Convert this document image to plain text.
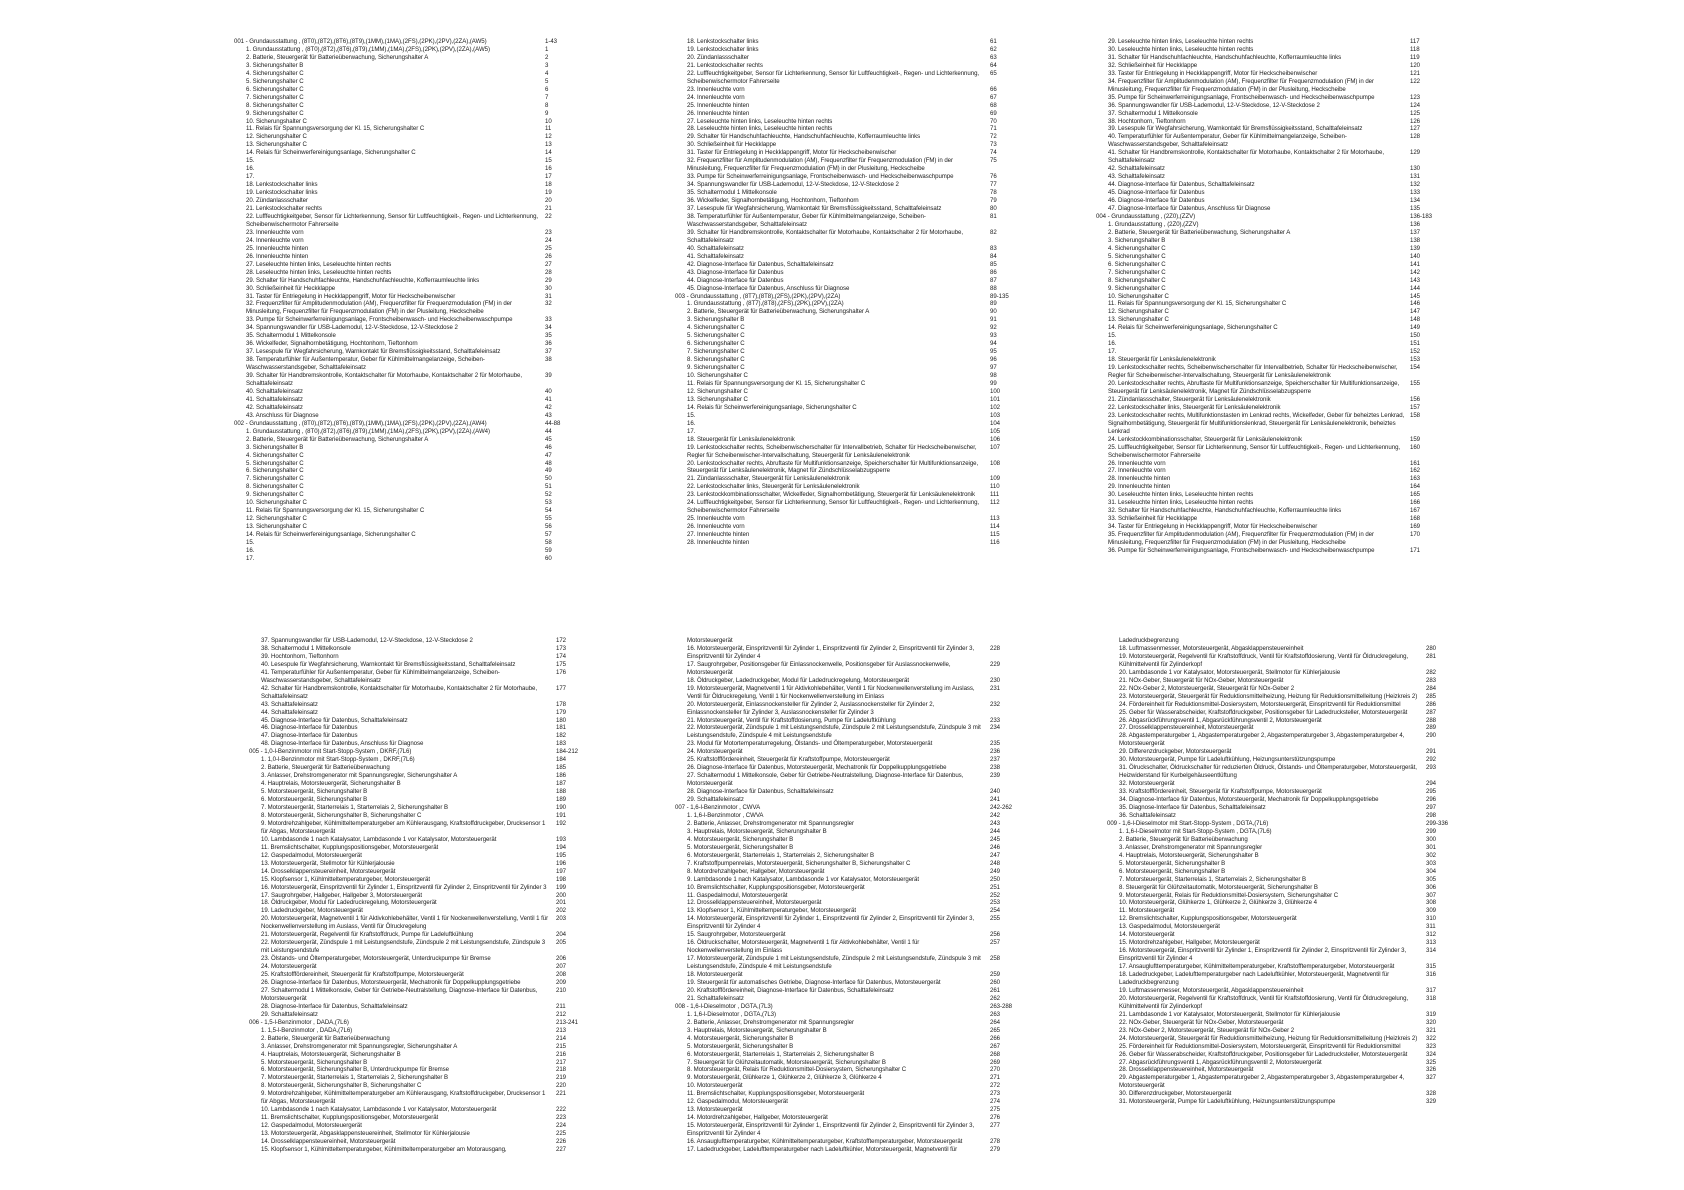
001 - Grundausstattung , (8T0),(8T2),(8T6),(8T9),(1MM),(1MA),(2FS),(2PK),(2PV),(2ZA),(AW5)	1-43
1. Grundausstattung , (8T0),(8T2),(8T6),(8T9),(1MM),(1MA),(2FS),(2PK),(2PV),(2ZA),(AW5)	1
2. Batterie, Steuergerät für Batterieüberwachung, Sicherungshalter A	2
3. Sicherungshalter B	3
4. Sicherungshalter C	4
5. Sicherungshalter C	5
6. Sicherungshalter C	6
7. Sicherungshalter C	7
8. Sicherungshalter C	8
9. Sicherungshalter C	9
10. Sicherungshalter C	10
11. Relais für Spannungsversorgung der Kl. 15, Sicherungshalter C	11
12. Sicherungshalter C	12
13. Sicherungshalter C	13
14. Relais für Scheinwerfereinigungsanlage, Sicherungshalter C	14
15.	15
16.	16
17.	17
18. Lenkstockschalter links	18
19. Lenkstockschalter links	19
20. Zündanlassschalter	20
21. Lenkstockschalter rechts	21
22. Lufffeuchtigkeitgeber, Sensor für Lichterkennung, Sensor für Luftfeuchtigkeit-, Regen- und Lichterkennung, Scheibenwischermotor Fahrerseite
22
23. Innenleuchte vorn	23
24. Innenleuchte vorn	24
25. Innenleuchte hinten	25
26. Innenleuchte hinten	26
27. Leseleuchte hinten links, Leseleuchte hinten rechts	27
28. Leseleuchte hinten links, Leseleuchte hinten rechts	28
29. Schalter für Handschuhfachleuchte, Handschuhfachleuchte, Kofferraumleuchte links	29
30. Schließeinheit für Heckklappe	30
31. Taster für Entriegelung in Heckklappengriff, Motor für Heckscheibenwischer	31
32. Frequenzfilter für Amplitudenmodulation (AM), Frequenzfilter für Frequenzmodulation (FM) in der Minusleitung, Frequenzfilter für Frequenzmodulation (FM) in der Plusleitung, Heckscheibe
32
33. Pumpe für Scheinwerferreinigungsanlage, Frontscheibenwasch- und Heckscheibenwaschpumpe	33
34. Spannungswandler für USB-Lademodul, 12-V-Steckdose, 12-V-Steckdose 2	34
35. Schaltermodul 1 Mittelkonsole	35
36. Wickelfeder, Signalhornbetätigung, Hochtonhorn, Tieftonhorn	36
37. Lesespule für Wegfahrsicherung, Warnkontakt für Bremsflüssigkeitsstand, Schalttafeleinsatz	37
38. Temperaturfühler für Außentemperatur, Geber für Kühlmittelmangelanzeige, Scheiben-Waschwasserstandsgeber, Schalttafeleinsatz
38
39. Schalter für Handbremskontrolle, Kontaktschalter für Motorhaube, Kontaktschalter 2 für Motorhaube, Schalttafeleinsatz
39
40. Schalttafeleinsatz	40
41. Schalttafeleinsatz	41
42. Schalttafeleinsatz	42
43. Anschluss für Diagnose	43
002 - Grundausstattung , (8T0),(8T2),(8T6),(8T9),(1MM),(1MA),(2FS),(2PK),(2PV),(2ZA),(AW4)	44-88
1. Grundausstattung , (8T0),(8T2),(8T6),(8T9),(1MM),(1MA),(2FS),(2PK),(2PV),(2ZA),(AW4)	44
2. Batterie, Steuergerät für Batterieüberwachung, Sicherungshalter A	45
3. Sicherungshalter B	46
4. Sicherungshalter C	47
5. Sicherungshalter C	48
6. Sicherungshalter C	49
7. Sicherungshalter C	50
8. Sicherungshalter C	51
9. Sicherungshalter C	52
10. Sicherungshalter C	53
11. Relais für Spannungsversorgung der Kl. 15, Sicherungshalter C	54
12. Sicherungshalter C	55
13. Sicherungshalter C	56
14. Relais für Scheinwerfereinigungsanlage, Sicherungshalter C	57
15.	58
16.	59
17.	60
18. Lenkstockschalter links	61
19. Lenkstockschalter links	62
20. Zündanlassschalter	63
21. Lenkstockschalter rechts	64
22. Lufffeuchtigkeitgeber, Sensor für Lichterkennung, Sensor für Luftfeuchtigkeit-, Regen- und Lichterkennung, Scheibenwischermotor Fahrerseite
65
23. Innenleuchte vorn	66
24. Innenleuchte vorn	67
25. Innenleuchte hinten	68
26. Innenleuchte hinten	69
27. Leseleuchte hinten links, Leseleuchte hinten rechts	70
28. Leseleuchte hinten links, Leseleuchte hinten rechts	71
29. Schalter für Handschuhfachleuchte, Handschuhfachleuchte, Kofferraumleuchte links	72
30. Schließeinheit für Heckklappe	73
31. Taster für Entriegelung in Heckklappengriff, Motor für Heckscheibenwischer	74
32. Frequenzfilter für Amplitudenmodulation (AM), Frequenzfilter für Frequenzmodulation (FM) in der Minusleitung, Frequenzfilter für Frequenzmodulation (FM) in der Plusleitung, Heckscheibe
75
33. Pumpe für Scheinwerferreinigungsanlage, Frontscheibenwasch- und Heckscheibenwaschpumpe	76
34. Spannungswandler für USB-Lademodul, 12-V-Steckdose, 12-V-Steckdose 2	77
35. Schaltermodul 1 Mittelkonsole	78
36. Wickelfeder, Signalhornbetätigung, Hochtonhorn, Tieftonhorn	79
37. Lesespule für Wegfahrsicherung, Warnkontakt für Bremsflüssigkeitsstand, Schalttafeleinsatz	80
38. Temperaturfühler für Außentemperatur, Geber für Kühlmittelmangelanzeige, Scheiben-Waschwasserstandsgeber, Schalttafeleinsatz
81
39. Schalter für Handbremskontrolle, Kontaktschalter für Motorhaube, Kontaktschalter 2 für Motorhaube, Schalttafeleinsatz
82
40. Schalttafeleinsatz	83
41. Schalttafeleinsatz	84
42. Diagnose-Interface für Datenbus, Schalttafeleinsatz	85
43. Diagnose-Interface für Datenbus	86
44. Diagnose-Interface für Datenbus	87
45. Diagnose-Interface für Datenbus, Anschluss für Diagnose	88
003 - Grundausstattung , (8T7),(8T8),(2FS),(2PK),(2PV),(2ZA)	89-135
1. Grundausstattung , (8T7),(8T8),(2FS),(2PK),(2PV),(2ZA)	89
2. Batterie, Steuergerät für Batterieüberwachung, Sicherungshalter A	90
3. Sicherungshalter B	91
4. Sicherungshalter C	92
5. Sicherungshalter C	93
6. Sicherungshalter C	94
7. Sicherungshalter C	95
8. Sicherungshalter C	96
9. Sicherungshalter C	97
10. Sicherungshalter C	98
11. Relais für Spannungsversorgung der Kl. 15, Sicherungshalter C	99
12. Sicherungshalter C	100
13. Sicherungshalter C	101
14. Relais für Scheinwerfereinigungsanlage, Sicherungshalter C	102
15.	103
16.	104
17.	105
18. Steuergerät für Lenksäulenelektronik	106
19. Lenkstockschalter rechts, Scheibenwischerschalter für Intervallbetrieb, Schalter für Heckscheibenwischer, Regler für Scheibenwischer-Intervallschaltung, Steuergerät für Lenksäulenelektronik
107
20. Lenkstockschalter rechts, Abruftaste für Multifunktionsanzeige, Speicherschalter für Multifunktionsanzeige, Steuergerät für Lenksäulenelektronik, Magnet für Zündschlüsselabzugsperre
108
21. Zündanlassschalter, Steuergerät für Lenksäulenelektronik	109
22. Lenkstockschalter links, Steuergerät für Lenksäulenelektronik	110
23. Lenkstockkombinationsschalter, Wickelfeder, Signalhornbetätigung, Steuergerät für Lenksäulenelektronik	111
24. Lufffeuchtigkeitgeber, Sensor für Lichterkennung, Sensor für Luftfeuchtigkeit-, Regen- und Lichterkennung, Scheibenwischermotor Fahrerseite
112
25. Innenleuchte vorn	113
26. Innenleuchte vorn	114
27. Innenleuchte hinten	115
28. Innenleuchte hinten	116
29. Leseleuchte hinten links, Leseleuchte hinten rechts	117
30. Leseleuchte hinten links, Leseleuchte hinten rechts	118
31. Schalter für Handschuhfachleuchte, Handschuhfachleuchte, Kofferraumleuchte links	119
32. Schließeinheit für Heckklappe	120
33. Taster für Entriegelung in Heckklappengriff, Motor für Heckscheibenwischer	121
34. Frequenzfilter für Amplitudenmodulation (AM), Frequenzfilter für Frequenzmodulation (FM) in der Minusleitung, Frequenzfilter für Frequenzmodulation (FM) in der Plusleitung, Heckscheibe
122
35. Pumpe für Scheinwerferreinigungsanlage, Frontscheibenwasch- und Heckscheibenwaschpumpe	123
36. Spannungswandler für USB-Lademodul, 12-V-Steckdose, 12-V-Steckdose 2	124
37. Schaltermodul 1 Mittelkonsole	125
38. Hochtonhorn, Tieftonhorn	126
39. Lesespule für Wegfahrsicherung, Warnkontakt für Bremsflüssigkeitsstand, Schalttafeleinsatz	127
40. Temperaturfühler für Außentemperatur, Geber für Kühlmittelmangelanzeige, Scheiben-Waschwasserstandsgeber, Schalttafeleinsatz
128
41. Schalter für Handbremskontrolle, Kontaktschalter für Motorhaube, Kontaktschalter 2 für Motorhaube, Schalttafeleinsatz
129
42. Schalttafeleinsatz	130
43. Schalttafeleinsatz	131
44. Diagnose-Interface für Datenbus, Schalttafeleinsatz	132
45. Diagnose-Interface für Datenbus	133
46. Diagnose-Interface für Datenbus	134
47. Diagnose-Interface für Datenbus, Anschluss für Diagnose	135
004 - Grundausstattung , (2Z0),(ZZV)	136-183
1. Grundausstattung , (2Z0),(ZZV)	136
2. Batterie, Steuergerät für Batterieüberwachung, Sicherungshalter A	137
3. Sicherungshalter B	138
4. Sicherungshalter C	139
5. Sicherungshalter C	140
6. Sicherungshalter C	141
7. Sicherungshalter C	142
8. Sicherungshalter C	143
9. Sicherungshalter C	144
10. Sicherungshalter C	145
11. Relais für Spannungsversorgung der Kl. 15, Sicherungshalter C	146
12. Sicherungshalter C	147
13. Sicherungshalter C	148
14. Relais für Scheinwerfereinigungsanlage, Sicherungshalter C	149
15.	150
16.	151
17.	152
18. Steuergerät für Lenksäulenelektronik	153
19. Lenkstockschalter rechts, Scheibenwischerschalter für Intervallbetrieb, Schalter für Heckscheibenwischer, Regler für Scheibenwischer-Intervallschaltung, Steuergerät für Lenksäulenelektronik
154
20. Lenkstockschalter rechts, Abruftaste für Multifunktionsanzeige, Speicherschalter für Multifunktionsanzeige, Steuergerät für Lenksäulenelektronik, Magnet für Zündschlüsselabzugsperre
155
21. Zündanlassschalter, Steuergerät für Lenksäulenelektronik	156
22. Lenkstockschalter links, Steuergerät für Lenksäulenelektronik	157
23. Lenkstockschalter rechts, Multifunktionstasten im Lenkrad rechts, Wickelfeder, Geber für beheiztes Lenkrad, Signalhornbetätigung, Steuergerät für Multifunktionslenkrad, Steuergerät für Lenksäulenelektronik, beheiztes Lenkrad
158
24. Lenkstockkombinationsschalter, Steuergerät für Lenksäulenelektronik	159
25. Lufffeuchtigkeitgeber, Sensor für Lichterkennung, Sensor für Luftfeuchtigkeit-, Regen- und Lichterkennung, Scheibenwischermotor Fahrerseite
160
26. Innenleuchte vorn	161
27. Innenleuchte vorn	162
28. Innenleuchte hinten	163
29. Innenleuchte hinten	164
30. Leseleuchte hinten links, Leseleuchte hinten rechts	165
31. Leseleuchte hinten links, Leseleuchte hinten rechts	166
32. Schalter für Handschuhfachleuchte, Handschuhfachleuchte, Kofferraumleuchte links	167
33. Schließeinheit für Heckklappe	168
34. Taster für Entriegelung in Heckklappengriff, Motor für Heckscheibenwischer	169
35. Frequenzfilter für Amplitudenmodulation (AM), Frequenzfilter für Frequenzmodulation (FM) in der Minusleitung, Frequenzfilter für Frequenzmodulation (FM) in der Plusleitung, Heckscheibe
170
36. Pumpe für Scheinwerferreinigungsanlage, Frontscheibenwasch- und Heckscheibenwaschpumpe	171
37. Spannungswandler für USB-Lademodul, 12-V-Steckdose, 12-V-Steckdose 2	172
38. Schaltermodul 1 Mittelkonsole	173
39. Hochtonhorn, Tieftonhorn	174
40. Lesespule für Wegfahrsicherung, Warnkontakt für Bremsflüssigkeitsstand, Schalttafeleinsatz	175
41. Temperaturfühler für Außentemperatur, Geber für Kühlmittelmangelanzeige, Scheiben-Waschwasserstandsgeber, Schalttafeleinsatz
176
42. Schalter für Handbremskontrolle, Kontaktschalter für Motorhaube, Kontaktschalter 2 für Motorhaube, Schalttafeleinsatz
177
43. Schalttafeleinsatz	178
44. Schalttafeleinsatz	179
45. Diagnose-Interface für Datenbus, Schalttafeleinsatz	180
46. Diagnose-Interface für Datenbus	181
47. Diagnose-Interface für Datenbus	182
48. Diagnose-Interface für Datenbus, Anschluss für Diagnose	183
005 - 1,0-l-Benzinmotor mit Start-Stopp-System , DKRF,(7L6)	184-212
1. 1,0-l-Benzinmotor mit Start-Stopp-System , DKRF,(7L6)	184
2. Batterie, Steuergerät für Batterieüberwachung	185
3. Anlasser, Drehstromgenerator mit Spannungsregler, Sicherungshalter A	186
4. Hauptrelais, Motorsteuergerät, Sicherungshalter B	187
5. Motorsteuergerät, Sicherungshalter B	188
6. Motorsteuergerät, Sicherungshalter B	189
7. Motorsteuergerät, Starterrelais 1, Starterrelais 2, Sicherungshalter B	190
8. Motorsteuergerät, Sicherungshalter B, Sicherungshalter C	191
9. Motordrehzahlgeber, Kühlmitteltemperaturgeber am Kühlerausgang, Kraftstoffdruckgeber, Drucksensor 1 für Abgas, Motorsteuergerät
192
10. Lambdasonde 1 nach Katalysator, Lambdasonde 1 vor Katalysator, Motorsteuergerät	193
11. Bremslichtschalter, Kupplungspositionsgeber, Motorsteuergerät	194
12. Gaspedalmodul, Motorsteuergerät	195
13. Motorsteuergerät, Stellmotor für Kühlerjalousie	196
14. Drosselklappensteuereinheit, Motorsteuergerät	197
15. Klopfsensor 1, Kühlmitteltemperaturgeber, Motorsteuergerät	198
16. Motorsteuergerät, Einspritzventil für Zylinder 1, Einspritzventil für Zylinder 2, Einspritzventil für Zylinder 3	199
17. Saugrohrgeber, Hallgeber, Hallgeber 3, Motorsteuergerät	200
18. Öldruckgeber, Modul für Ladedruckregelung, Motorsteuergerät	201
19. Ladedruckgeber, Motorsteuergerät	202
20. Motorsteuergerät, Magnetventil 1 für Aktivkohlebehälter, Ventil 1 für Nockenwellenverstellung, Ventil 1 für Nockenwellenverstellung im Auslass, Ventil für Ölruckregelung
203
21. Motorsteuergerät, Regelventil für Kraftstoffdruck, Pumpe für Ladeluftkühlung	204
22. Motorsteuergerät, Zündspule 1 mit Leistungsendstufe, Zündspule 2 mit Leistungsendstufe, Zündspule 3 mit Leistungsendstufe
205
23. Ölstands- und Öltemperaturgeber, Motorsteuergerät, Unterdruckpumpe für Bremse	206
24. Motorsteuergerät	207
25. Kraftstofffördereinheit, Steuergerät für Kraftstoffpumpe, Motorsteuergerät	208
26. Diagnose-Interface für Datenbus, Motorsteuergerät, Mechatronik für Doppelkupplungsgetriebe	209
27. Schaltermodul 1 Mittelkonsole, Geber für Getriebe-Neutralstellung, Diagnose-Interface für Datenbus, Motorsteuergerät
210
28. Diagnose-Interface für Datenbus, Schalttafeleinsatz	211
29. Schalttafeleinsatz	212
006 - 1,5-l-Benzinmotor , DADA,(7L6)	213-241
1. 1,5-l-Benzinmotor , DADA,(7L6)	213
2. Batterie, Steuergerät für Batterieüberwachung	214
3. Anlasser, Drehstromgenerator mit Spannungsregler, Sicherungshalter A	215
4. Hauptrelais, Motorsteuergerät, Sicherungshalter B	216
5. Motorsteuergerät, Sicherungshalter B	217
6. Motorsteuergerät, Sicherungshalter B, Unterdruckpumpe für Bremse	218
7. Motorsteuergerät, Starterrelais 1, Starterrelais 2, Sicherungshalter B	219
8. Motorsteuergerät, Sicherungshalter B, Sicherungshalter C	220
9. Motordrehzahlgeber, Kühlmitteltemperaturgeber am Kühlerausgang, Kraftstoffdruckgeber, Drucksensor 1 für Abgas, Motorsteuergerät
221
10. Lambdasonde 1 nach Katalysator, Lambdasonde 1 vor Katalysator, Motorsteuergerät	222
11. Bremslichtschalter, Kupplungspositionsgeber, Motorsteuergerät	223
12. Gaspedalmodul, Motorsteuergerät	224
13. Motorsteuergerät, Abgasklappensteuereinheit, Stellmotor für Kühlerjalousie	225
14. Drosselklappensteuereinheit, Motorsteuergerät	226
15. Klopfsensor 1, Kühlmitteltemperaturgeber, Kühlmitteltemperaturgeber am Motorausgang,	227
Motorsteuergerät
16. Motorsteuergerät, Einspritzventil für Zylinder 1, Einspritzventil für Zylinder 2, Einspritzventil für Zylinder 3, Einspritzventil für Zylinder 4
228
17. Saugrohrgeber, Positionsgeber für Einlassnockenwelle, Positionsgeber für Auslassnockenwelle, Motorsteuergerät
229
18. Öldruckgeber, Ladedruckgeber, Modul für Ladedruckregelung, Motorsteuergerät	230
19. Motorsteuergerät, Magnetventil 1 für Aktivkohlebehälter, Ventil 1 für Nockenwellenverstellung im Auslass, Ventil für Öldruckregelung, Ventil 1 für Nockenwellenverstellung im Einlass
231
20. Motorsteuergerät, Einlassnockensteller für Zylinder 2, Auslassnockensteller für Zylinder 2, Einlassnockensteller für Zylinder 3, Auslassnockensteller für Zylinder 3
232
21. Motorsteuergerät, Ventil für Kraftstoffdosierung, Pumpe für Ladeluftkühlung	233
22. Motorsteuergerät, Zündspule 1 mit Leistungsendstufe, Zündspule 2 mit Leistungsendstufe, Zündspule 3 mit Leistungsendstufe, Zündspule 4 mit Leistungsendstufe
234
23. Modul für Motortemperaturregelung, Ölstands- und Öltemperaturgeber, Motorsteuergerät	235
24. Motorsteuergerät	236
25. Kraftstofffördereinheit, Steuergerät für Kraftstoffpumpe, Motorsteuergerät	237
26. Diagnose-Interface für Datenbus, Motorsteuergerät, Mechatronik für Doppelkupplungsgetriebe	238
27. Schaltermodul 1 Mittelkonsole, Geber für Getriebe-Neutralstellung, Diagnose-Interface für Datenbus, Motorsteuergerät
239
28. Diagnose-Interface für Datenbus, Schalttafeleinsatz	240
29. Schalttafeleinsatz	241
007 - 1,6-l-Benzinmotor , CWVA	242-262
1. 1,6-l-Benzinmotor , CWVA	242
2. Batterie, Anlasser, Drehstromgenerator mit Spannungsregler	243
3. Hauptrelais, Motorsteuergerät, Sicherungshalter B	244
4. Motorsteuergerät, Sicherungshalter B	245
5. Motorsteuergerät, Sicherungshalter B	246
6. Motorsteuergerät, Starterrelais 1, Starterrelais 2, Sicherungshalter B	247
7. Kraftstoffpumpenrelais, Motorsteuergerät, Sicherungshalter B, Sicherungshalter C	248
8. Motordrehzahlgeber, Hallgeber, Motorsteuergerät	249
9. Lambdasonde 1 nach Katalysator, Lambdasonde 1 vor Katalysator, Motorsteuergerät	250
10. Bremslichtschalter, Kupplungspositionsgeber, Motorsteuergerät	251
11. Gaspedalmodul, Motorsteuergerät	252
12. Drosselklappensteuereinheit, Motorsteuergerät	253
13. Klopfsensor 1, Kühlmitteltemperaturgeber, Motorsteuergerät	254
14. Motorsteuergerät, Einspritzventil für Zylinder 1, Einspritzventil für Zylinder 2, Einspritzventil für Zylinder 3, Einspritzventil für Zylinder 4
255
15. Saugrohrgeber, Motorsteuergerät	256
16. Öldruckschalter, Motorsteuergerät, Magnetventil 1 für Aktivkohlebehälter, Ventil 1 für Nockenwellenverstellung im Einlass
257
17. Motorsteuergerät, Zündspule 1 mit Leistungsendstufe, Zündspule 2 mit Leistungsendstufe, Zündspule 3 mit Leistungsendstufe, Zündspule 4 mit Leistungsendstufe
258
18. Motorsteuergerät	259
19. Steuergerät für automatisches Getriebe, Diagnose-Interface für Datenbus, Motorsteuergerät	260
20. Kraftstofffördereinheit, Diagnose-Interface für Datenbus, Schalttafeleinsatz	261
21. Schalttafeleinsatz	262
008 - 1,6-l-Dieselmotor , DGTA,(7L3)	263-288
1. 1,6-l-Dieselmotor , DGTA,(7L3)	263
2. Batterie, Anlasser, Drehstromgenerator mit Spannungsregler	264
3. Hauptrelais, Motorsteuergerät, Sicherungshalter B	265
4. Motorsteuergerät, Sicherungshalter B	266
5. Motorsteuergerät, Sicherungshalter B	267
6. Motorsteuergerät, Starterrelais 1, Starterrelais 2, Sicherungshalter B	268
7. Steuergerät für Glühzeitautomatik, Motorsteuergerät, Sicherungshalter B	269
8. Motorsteuergerät, Relais für Reduktionsmittel-Dosiersystem, Sicherungshalter C	270
9. Motorsteuergerät, Glühkerze 1, Glühkerze 2, Glühkerze 3, Glühkerze 4	271
10. Motorsteuergerät	272
11. Bremslichtschalter, Kupplungspositionsgeber, Motorsteuergerät	273
12. Gaspedalmodul, Motorsteuergerät	274
13. Motorsteuergerät	275
14. Motordrehzahlgeber, Hallgeber, Motorsteuergerät	276
15. Motorsteuergerät, Einspritzventil für Zylinder 1, Einspritzventil für Zylinder 2, Einspritzventil für Zylinder 3, Einspritzventil für Zylinder 4
277
16. Ansauglufttemperaturgeber, Kühlmitteltemperaturgeber, Kraftstofftemperaturgeber, Motorsteuergerät	278
17. Ladedruckgeber, Ladelufttemperaturgeber nach Ladeluftkühler, Motorsteuergerät, Magnetventil für	279
Ladedruckbegrenzung
18. Luftmassenmesser, Motorsteuergerät, Abgasklappensteuereinheit	280
19. Motorsteuergerät, Regelventil für Kraftstoffdruck, Ventil für Kraftstoffdosierung, Ventil für Öldruckregelung, Kühlmittelventil für Zylinderkopf
281
20. Lambdasonde 1 vor Katalysator, Motorsteuergerät, Stellmotor für Kühlerjalousie	282
21. NOx-Geber, Steuergerät für NOx-Geber, Motorsteuergerät	283
22. NOx-Geber 2, Motorsteuergerät, Steuergerät für NOx-Geber 2	284
23. Motorsteuergerät, Steuergerät für Reduktionsmittelheizung, Heizung für Reduktionsmittelleitung (Heizkreis 2)	285
24. Fördereinheit für Reduktionsmittel-Dosiersystem, Motorsteuergerät, Einspritzventil für Reduktionsmittel	286
25. Geber für Wasserabscheider, Kraftstoffdruckgeber, Positionsgeber für Ladedrucksteller, Motorsteuergerät	287
26. Abgasrückführungsventil 1, Abgasrückführungsventil 2, Motorsteuergerät	288
27. Drosselklappensteuereinheit, Motorsteuergerät	289
28. Abgastemperaturgeber 1, Abgastemperaturgeber 2, Abgastemperaturgeber 3, Abgastemperaturgeber 4, Motorsteuergerät
290
29. Differenzdruckgeber, Motorsteuergerät	291
30. Motorsteuergerät, Pumpe für Ladeluftkühlung, Heizungsunterstützungspumpe	292
31. Ölruckschalter, Öldruckschalter für reduzierten Öldruck, Ölstands- und Öltemperaturgeber, Motorsteuergerät, Heizwiderstand für Kurbelgehäuseentlüftung
293
32. Motorsteuergerät	294
33. Kraftstofffördereinheit, Steuergerät für Kraftstoffpumpe, Motorsteuergerät	295
34. Diagnose-Interface für Datenbus, Motorsteuergerät, Mechatronik für Doppelkupplungsgetriebe	296
35. Diagnose-Interface für Datenbus, Schalttafeleinsatz	297
36. Schalttafeleinsatz	298
009 - 1,6-l-Dieselmotor mit Start-Stopp-System , DGTA,(7L6)	299-336
1. 1,6-l-Dieselmotor mit Start-Stopp-System , DGTA,(7L6)	299
2. Batterie, Steuergerät für Batterieüberwachung	300
3. Anlasser, Drehstromgenerator mit Spannungsregler	301
4. Hauptrelais, Motorsteuergerät, Sicherungshalter B	302
5. Motorsteuergerät, Sicherungshalter B	303
6. Motorsteuergerät, Sicherungshalter B	304
7. Motorsteuergerät, Starterrelais 1, Starterrelais 2, Sicherungshalter B	305
8. Steuergerät für Glühzeitautomatik, Motorsteuergerät, Sicherungshalter B	306
9. Motorsteuergerät, Relais für Reduktionsmittel-Dosiersystem, Sicherungshalter C	307
10. Motorsteuergerät, Glühkerze 1, Glühkerze 2, Glühkerze 3, Glühkerze 4	308
11. Motorsteuergerät	309
12. Bremslichtschalter, Kupplungspositionsgeber, Motorsteuergerät	310
13. Gaspedalmodul, Motorsteuergerät	311
14. Motorsteuergerät	312
15. Motordrehzahlgeber, Hallgeber, Motorsteuergerät	313
16. Motorsteuergerät, Einspritzventil für Zylinder 1, Einspritzventil für Zylinder 2, Einspritzventil für Zylinder 3, Einspritzventil für Zylinder 4
314
17. Ansauglufttemperaturgeber, Kühlmitteltemperaturgeber, Kraftstofftemperaturgeber, Motorsteuergerät	315
18. Ladedruckgeber, Ladelufttemperaturgeber nach Ladeluftkühler, Motorsteuergerät, Magnetventil für Ladedruckbegrenzung
316
19. Luftmassenmesser, Motorsteuergerät, Abgasklappensteuereinheit	317
20. Motorsteuergerät, Regelventil für Kraftstoffdruck, Ventil für Kraftstoffdosierung, Ventil für Öldruckregelung, Kühlmittelventil für Zylinderkopf
318
21. Lambdasonde 1 vor Katalysator, Motorsteuergerät, Stellmotor für Kühlerjalousie	319
22. NOx-Geber, Steuergerät für NOx-Geber, Motorsteuergerät	320
23. NOx-Geber 2, Motorsteuergerät, Steuergerät für NOx-Geber 2	321
24. Motorsteuergerät, Steuergerät für Reduktionsmittelheizung, Heizung für Reduktionsmittelleitung (Heizkreis 2)	322
25. Fördereinheit für Reduktionsmittel-Dosiersystem, Motorsteuergerät, Einspritzventil für Reduktionsmittel	323
26. Geber für Wasserabscheider, Kraftstoffdruckgeber, Positionsgeber für Ladedrucksteller, Motorsteuergerät	324
27. Abgasrückführungsventil 1, Abgasrückführungsventil 2, Motorsteuergerät	325
28. Drosselklappensteuereinheit, Motorsteuergerät	326
29. Abgastemperaturgeber 1, Abgastemperaturgeber 2, Abgastemperaturgeber 3, Abgastemperaturgeber 4, Motorsteuergerät
327
30. Differenzdruckgeber, Motorsteuergerät	328
31. Motorsteuergerät, Pumpe für Ladeluftkühlung, Heizungsunterstützungspumpe	329
